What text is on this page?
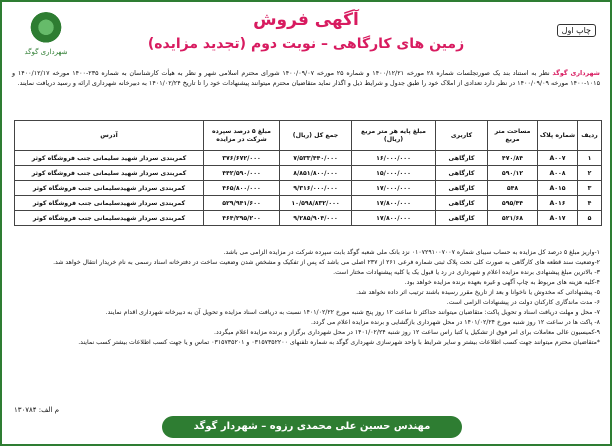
چاپ اول
شهرداری گوگد
آگهی فروش
زمین های کارگاهی – نوبت دوم (تجدید مزایده)
شهرداری گوگد نظر به استناد بند یک صورتجلسات شماره ۲۸ مورخه ۱۴۰۰/۱۲/۲۱ و شماره ۲۵ مورخه ۱۴۰۰/۰۹/۰۷ شورای محترم اسلامی شهر و نظر به هیأت کارشناسان به شماره ۲۳۵-۱۴۰۰ مورخه ۱۴۰۰/۱۲/۱۷ و ۱۰۱۵-۱۴۰۰ مورخه ۱۴۰۰/۰۹/۰۹ در نظر دارد تعدادی از املاک خود را طبق جدول و شرایط ذیل و اگذار نماید متقاضیان محترم میتوانند پیشنهادات خود را تا تاریخ ۱۴۰۱/۰۲/۲۴ به دبیرخانه شهرداری ارائه و رسید دریافت نمایند.
ردیف	شماره پلاک	مساحت متر مربع	کاربری	مبلغ پایه هر متر مربع (ریال)	جمع کل (ریال)	مبلغ ۵ درصد سپرده شرکت در مزایده	آدرس
۱	A۰۰۷	۴۷۰/۸۴	کارگاهی	۱۶/۰۰۰/۰۰۰	۷/۵۳۳/۴۴۰/۰۰۰	۳۷۶/۶۷۲/۰۰۰	کمربندی سردار شهید سلیمانی جنب فروشگاه کوثر
۲	A۰۰۸	۵۹۰/۱۲	کارگاهی	۱۵/۰۰۰/۰۰۰	۸/۸۵۱/۸۰۰/۰۰۰	۴۴۲/۵۹۰/۰۰۰	کمربندی سردار شهید سلیمانی جنب فروشگاه کوثر
۳	A۰۱۵	۵۴۸	کارگاهی	۱۷/۰۰۰/۰۰۰	۹/۳۱۶/۰۰۰/۰۰۰	۴۶۵/۸۰۰/۰۰۰	کمربندی سردار شهیدسلیمانی جنب فروشگاه کوثر
۴	A۰۱۶	۵۹۵/۴۴	کارگاهی	۱۷/۸۰۰/۰۰۰	۱۰/۵۹۸/۸۳۲/۰۰۰	۵۲۹/۹۴۱/۶۰۰	کمربندی سردار شهیدسلیمانی جنب فروشگاه کوثر
۵	A۰۱۷	۵۲۱/۶۸	کارگاهی	۱۷/۸۰۰/۰۰۰	۹/۲۸۵/۹۰۴/۰۰۰	۴۶۴/۲۹۵/۲۰۰	کمربندی سردار شهیدسلیمانی جنب فروشگاه کوثر
۱-واریز مبلغ ۵ درصد کل مزایده به حساب سیبای شماره ۰۱۰۷۲۹۱۰۰۷۰۰۷ نزد بانک ملی شعبه گوگد بابت سپرده شرکت در مزایده الزامی می باشد.
۲-وضعیت سند قطعه های کارگاهی به صورت کلی تحت پلاک ثبتی شماره فرعی ۲۶۱ از ۲۳۷ اصلی می باشد که پس از تفکیک و مشخص شدن وضعیت ساخت در دفترخانه اسناد رسمی به نام خریدار انتقال خواهد شد.
۳- بالاترین مبلغ پیشنهادی برنده مزایده اعلام و شهرداری در رد یا قبول یک یا کلیه پیشنهادات مختار است.
۴-کلیه هزینه های مربوط به چاپ آگهی و غیره بعهده برنده مزایده خواهد بود.
۵- پیشنهاداتی که مخدوش یا ناخوانا و بعد از تاریخ مقرر رسیده باشند ترتیب اثر داده نخواهد شد.
۶- مدت ماندگاری کارکنان دولت در پیشنهادات الزامی است.
۷- محل و مهلت دریافت اسناد و تحویل پاکت: متقاضیان میتوانند حداکثر تا ساعت ۱۲ روز پنج شنبه مورخ ۱۴۰۱/۰۲/۲۲ نسبت به دریافت اسناد مزایده و تحویل آن به دبیرخانه شهرداری اقدام نمایند.
۸- پاکت ها در ساعت ۱۲ روز شنبه مورخ ۱۴۰۱/۰۲/۲۴ در محل شهرداری بازگشایی و برنده مزایده اعلام می گردد.
۹-کمیسیون عالی معاملات برای امر فوق از تشکیل یا کتبا راس ساعت ۱۲ روز شنبه ۱۴۰۱/۰۲/۲۴ در محل شهرداری برگزار و برنده مزایده اعلام میگردد.
*متقاضیان محترم میتوانند جهت کسب اطلاعات بیشتر و سایر شرایط با واحد شهرسازی شهرداری گوگد به شماره تلفنهای ۰۳۱۵۷۳۵۲۲۰۰ و ۰۳۱۵۷۳۵۲۰۱ تماس و یا جهت کسب اطلاعات بیشتر کسب نمایند.
م الف: ۱۳۰۷۸۴
مهندس حسین علی محمدی رزوه – شهردار گوگد
